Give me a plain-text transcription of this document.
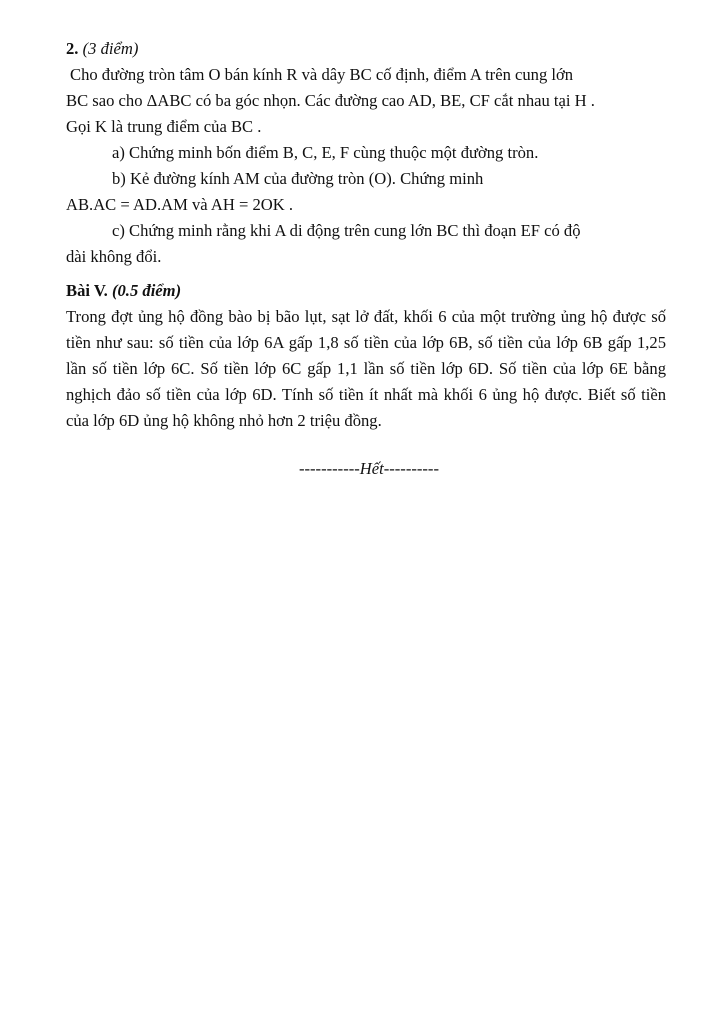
2. (3 điểm)
Cho đường tròn tâm O bán kính R và dây BC cố định, điểm A trên cung lớn
BC sao cho ΔABC có ba góc nhọn. Các đường cao AD, BE, CF cắt nhau tại H .
Gọi K là trung điểm của BC .
a) Chứng minh bốn điểm B, C, E, F cùng thuộc một đường tròn.
b) Kẻ đường kính AM của đường tròn (O). Chứng minh
AB.AC = AD.AM và AH = 2OK .
c) Chứng minh rằng khi A di động trên cung lớn BC thì đoạn EF có độ
dài không đổi.
Bài V. (0.5 điểm)
Trong đợt ủng hộ đồng bào bị bão lụt, sạt lở đất, khối 6 của một trường ủng hộ được số tiền như sau: số tiền của lớp 6A gấp 1,8 số tiền của lớp 6B, số tiền của lớp 6B gấp 1,25 lần số tiền lớp 6C. Số tiền lớp 6C gấp 1,1 lần số tiền lớp 6D. Số tiền của lớp 6E bằng nghịch đảo số tiền của lớp 6D. Tính số tiền ít nhất mà khối 6 ủng hộ được. Biết số tiền của lớp 6D ủng hộ không nhỏ hơn 2 triệu đồng.
-----------Hết----------
